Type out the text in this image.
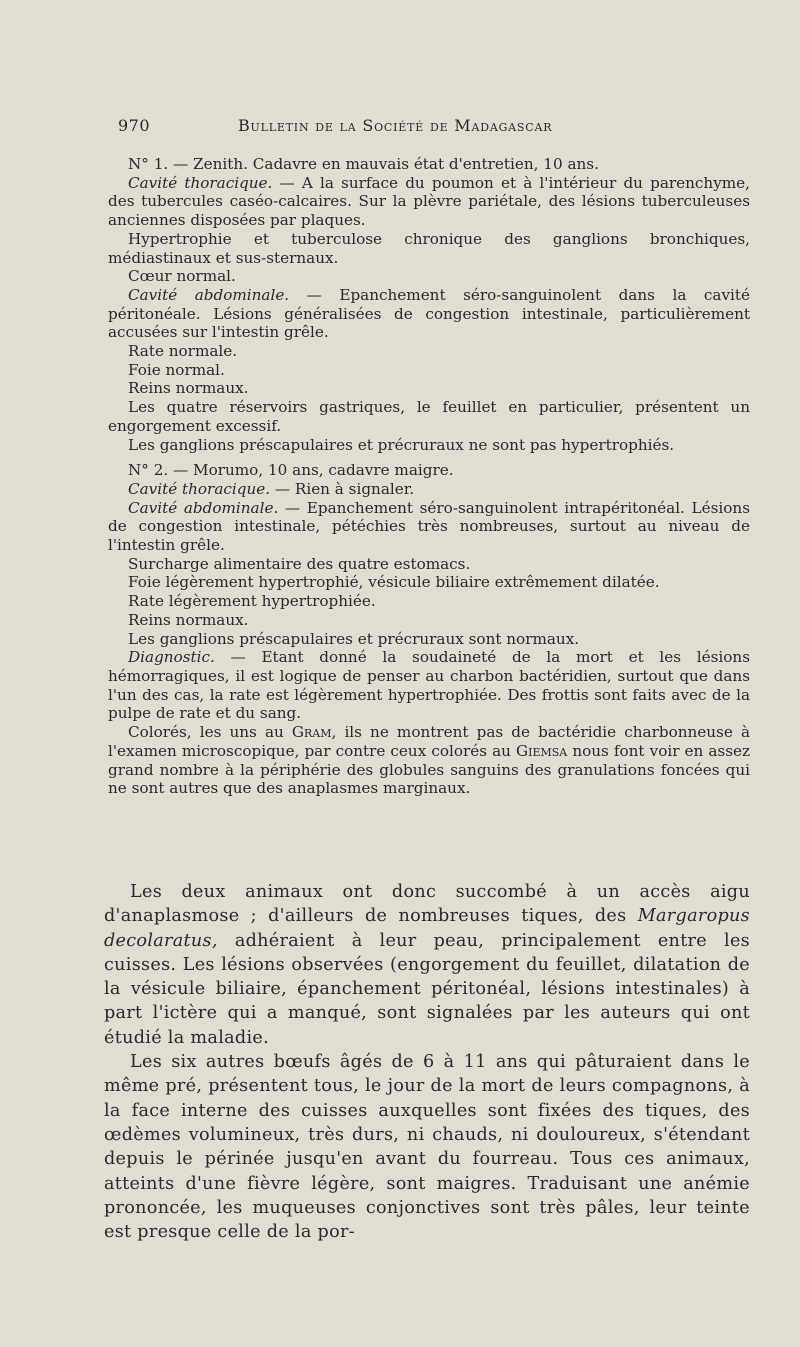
970	Bulletin de la Société de Madagascar

N° 1. — Zenith. Cadavre en mauvais état d'entretien, 10 ans.

Cavité thoracique. — A la surface du poumon et à l'intérieur du parenchyme, des tubercules caséo-calcaires. Sur la plèvre pariétale, des lésions tuberculeuses anciennes disposées par plaques.

Hypertrophie et tuberculose chronique des ganglions bronchiques, médiastinaux et sus-sternaux.

Cœur normal.

Cavité abdominale. — Epanchement séro-sanguinolent dans la cavité péritonéale. Lésions généralisées de congestion intestinale, particulièrement accusées sur l'intestin grêle.

Rate normale.

Foie normal.

Reins normaux.

Les quatre réservoirs gastriques, le feuillet en particulier, présentent un engorgement excessif.

Les ganglions préscapulaires et précruraux ne sont pas hypertrophiés.

N° 2. — Morumo, 10 ans, cadavre maigre.

Cavité thoracique. — Rien à signaler.

Cavité abdominale. — Epanchement séro-sanguinolent intrapéritonéal. Lésions de congestion intestinale, pétéchies très nombreuses, surtout au niveau de l'intestin grêle.

Surcharge alimentaire des quatre estomacs.

Foie légèrement hypertrophié, vésicule biliaire extrêmement dilatée.

Rate légèrement hypertrophiée.

Reins normaux.

Les ganglions préscapulaires et précruraux sont normaux.

Diagnostic. — Etant donné la soudaineté de la mort et les lésions hémorragiques, il est logique de penser au charbon bactéridien, surtout que dans l'un des cas, la rate est légèrement hypertrophiée. Des frottis sont faits avec de la pulpe de rate et du sang.

Colorés, les uns au Gram, ils ne montrent pas de bactéridie charbonneuse à l'examen microscopique, par contre ceux colorés au Giemsa nous font voir en assez grand nombre à la périphérie des globules sanguins des granulations foncées qui ne sont autres que des anaplasmes marginaux.

Les deux animaux ont donc succombé à un accès aigu d'anaplasmose ; d'ailleurs de nombreuses tiques, des Margaropus decolaratus, adhéraient à leur peau, principalement entre les cuisses. Les lésions observées (engorgement du feuillet, dilatation de la vésicule biliaire, épanchement péritonéal, lésions intestinales) à part l'ictère qui a manqué, sont signalées par les auteurs qui ont étudié la maladie.

Les six autres bœufs âgés de 6 à 11 ans qui pâturaient dans le même pré, présentent tous, le jour de la mort de leurs compagnons, à la face interne des cuisses auxquelles sont fixées des tiques, des œdèmes volumineux, très durs, ni chauds, ni douloureux, s'étendant depuis le périnée jusqu'en avant du fourreau. Tous ces animaux, atteints d'une fièvre légère, sont maigres. Traduisant une anémie prononcée, les muqueuses conjonctives sont très pâles, leur teinte est presque celle de la por-
